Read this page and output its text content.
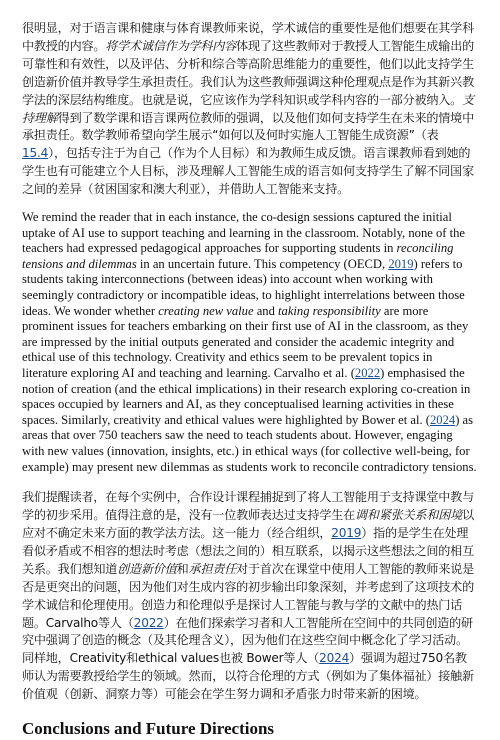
很明显，对于语言课和健康与体育课教师来说，学术诚信的重要性是他们想要在其学科中教授的内容。将学术诚信作为学科内容体现了这些教师对于教授人工智能生成输出的可靠性和有效性，以及评估、分析和综合等高阶思维能力的重要性，他们以此支持学生创造新价值并教导学生承担责任。我们认为这些教师强调这种伦理观点是作为其新兴教学法的深层结构维度。也就是说，它应该作为学科知识或学科内容的一部分被纳入。支持理解得到了数学课和语言课两位教师的强调，以及他们如何支持学生在未来的情境中承担责任。数学教师希望向学生展示“如何以及何时实施人工智能生成资源”（表15.4），包括专注于为自己（作为个人目标）和为教师生成反馈。语言课教师看到她的学生也有可能建立个人目标，涉及理解人工智能生成的语言如何支持学生了解不同国家之间的差异（贫困国家和澳大利亚），并借助人工智能来支持。

We remind the reader that in each instance, the co-design sessions captured the initial uptake of AI use to support teaching and learning in the classroom. Notably, none of the teachers had expressed pedagogical approaches for supporting students in reconciling tensions and dilemmas in an uncertain future. This competency (OECD, 2019) refers to students taking interconnections (between ideas) into account when working with seemingly contradictory or incompatible ideas, to highlight interrelations between those ideas. We wonder whether creating new value and taking responsibility are more prominent issues for teachers embarking on their first use of AI in the classroom, as they are impressed by the initial outputs generated and consider the academic integrity and ethical use of this technology. Creativity and ethics seem to be prevalent topics in literature exploring AI and teaching and learning. Carvalho et al. (2022) emphasised the notion of creation (and the ethical implications) in their research exploring co-creation in spaces occupied by learners and AI, as they conceptualised learning activities in these spaces. Similarly, creativity and ethical values were highlighted by Bower et al. (2024) as areas that over 750 teachers saw the need to teach students about. However, engaging with new values (innovation, insights, etc.) in ethical ways (for collective well-being, for example) may present new dilemmas as students work to reconcile contradictory tensions.

我们提醒读者，在每个实例中，合作设计课程捕捉到了将人工智能用于支持课堂中教与学的初步采用。值得注意的是，没有一位教师表达过支持学生在调和紧张关系和困境以应对不确定未来方面的教学法方法。这一能力（经合组织，2019）指的是学生在处理看似矛盾或不相容的想法时考虑（想法之间的）相互联系，以揭示这些想法之间的相互关系。我们想知道创造新价值和承担责任对于首次在课堂中使用人工智能的教师来说是否是更突出的问题，因为他们对生成内容的初步输出印象深刻，并考虑到了这项技术的学术诚信和伦理使用。创造力和伦理似乎是探讨人工智能与教与学的文献中的热门话题。Carvalho等人（2022）在他们探索学习者和人工智能所在空间中的共同创造的研究中强调了创造的概念（及其伦理含义），因为他们在这些空间中概念化了学习活动。同样地，Creativity和ethical values也被 Bower等人（2024）强调为超过750名教师认为需要教授给学生的领域。然而，以符合伦理的方式（例如为了集体福祉）接触新价值观（创新、洞察力等）可能会在学生努力调和矛盾张力时带来新的困境。

Conclusions and Future Directions
